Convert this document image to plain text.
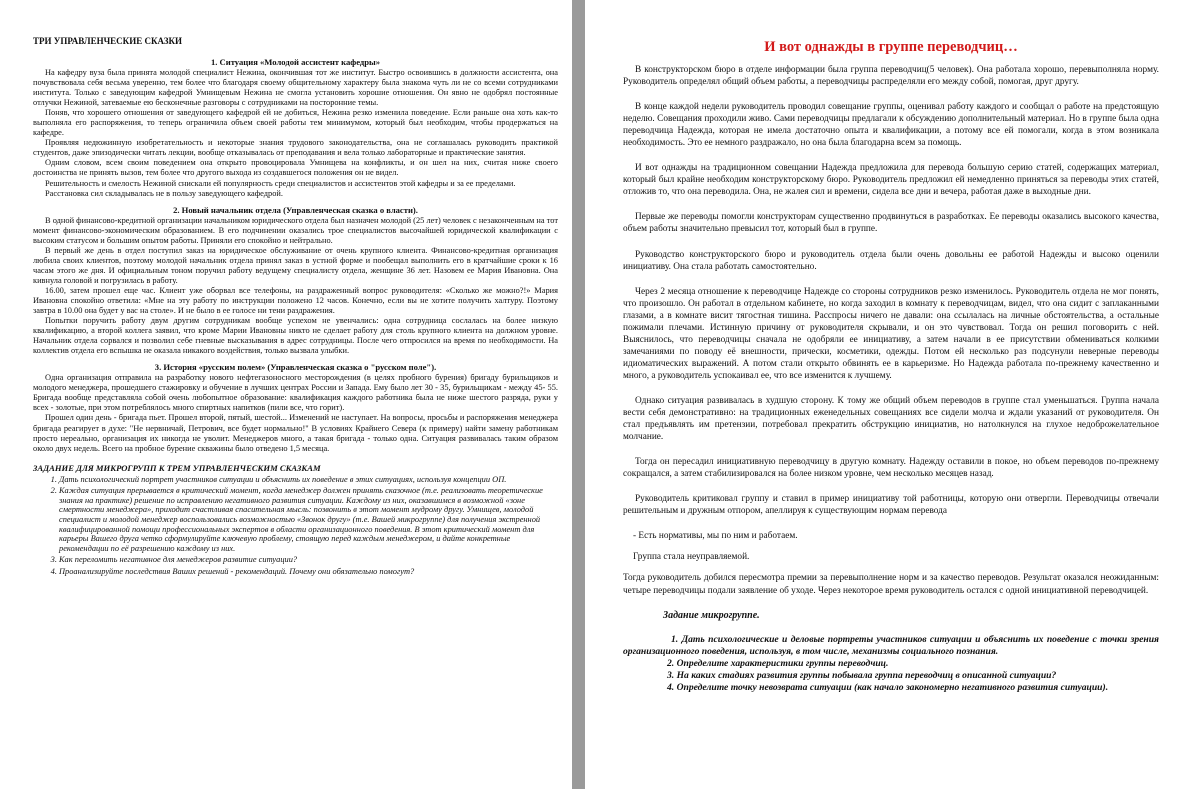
ТРИ УПРАВЛЕНЧЕСКИЕ СКАЗКИ
1. Ситуация «Молодой ассистент кафедры»

На кафедру вуза была принята молодой специалист Нежина, окончившая тот же институт. Быстро освоившись в должности ассистента, она почувствовала себя весьма уверенно, тем более что благодаря своему общительному характеру была знакома чуть ли не со всеми сотрудниками института. Только с заведующим кафедрой Умнищевым Нежина не смогла установить хорошие отношения. Он явно не одобрял постоянные отлучки Нежиной, затеваемые ею бесконечные разговоры с сотрудниками на посторонние темы.

Поняв, что хорошего отношения от заведующего кафедрой ей не добиться, Нежина резко изменила поведение. Если раньше она хоть как-то выполняла его распоряжения, то теперь ограничила объем своей работы тем минимумом, который был необходим, чтобы продержаться на кафедре.

Проявляя недюжинную изобретательность и некоторые знания трудового законодательства, она не соглашалась руководить практикой студентов, даже эпизодически читать лекции, вообще отказывалась от преподавания и вела только лабораторные и практические занятия.

Одним словом, всем своим поведением она открыто провоцировала Умнищева на конфликты, и он шел на них, считая ниже своего достоинства не принять вызов, тем более что другого выхода из создавшегося положения он не видел.

Решительность и смелость Нежиной снискали ей популярность среди специалистов и ассистентов этой кафедры и за ее пределами.

Расстановка сил складывалась не в пользу заведующего кафедрой.

2. Новый начальник отдела (Управленческая сказка о власти).

В одной финансово-кредитной организации начальником юридического отдела был назначен молодой (25 лет) человек с незаконченным на тот момент финансово-экономическим образованием. В его подчинении оказались трое специалистов высочайшей юридической квалификации с высоким статусом и большим опытом работы. Приняли его спокойно и нейтрально.

В первый же день в отдел поступил заказ на юридическое обслуживание от очень крупного клиента. Финансово-кредитная организация любила своих клиентов, поэтому молодой начальник отдела принял заказ в устной форме и пообещал выполнить его в кратчайшие сроки к 16 часам этого же дня. И официальным тоном поручил работу ведущему специалисту отдела, женщине 36 лет. Назовем ее Мария Ивановна. Она кивнула головой и погрузилась в работу.

16.00, затем прошел еще час. Клиент уже оборвал все телефоны, на раздраженный вопрос руководителя: «Сколько же можно?!» Мария Ивановна спокойно ответила: «Мне на эту работу по инструкции положено 12 часов. Конечно, если вы не хотите получить халтуру. Поэтому завтра в 10.00 она будет у вас на столе». И не было в ее голосе ни тени раздражения.

Попытки поручить работу двум другим сотрудникам вообще успехом не увенчались: одна сотрудница сослалась на более низкую квалификацию, а второй коллега заявил, что кроме Марии Ивановны никто не сделает работу для столь крупного клиента на должном уровне. Начальник отдела сорвался и позволил себе гневные высказывания в адрес сотрудницы. После чего отпросился на время по необходимости. На коллектив отдела его вспышка не оказала никакого воздействия, только вызвала улыбки.

3. История «русским полем» (Управленческая сказка о "русском поле").

Одна организация отправила на разработку нового нефтегазоносного месторождения (в целях пробного бурения) бригаду бурильщиков и молодого менеджера, прошедшего стажировку и обучение в лучших центрах России и Запада. Ему было лет 30 - 35, бурильщикам - между 45- 55. Бригада вообще представляла собой очень любопытное образование: квалификация каждого работника была не ниже шестого разряда, руки у всех - золотые, при этом потреблялось много спиртных напитков (пили все, что горит).

Прошел один день - бригада пьет. Прошел второй, пятый, шестой... Изменений не наступает. На вопросы, просьбы и распоряжения менеджера бригада реагирует в духе: "Не нервничай, Петрович, все будет нормально!" В условиях Крайнего Севера (к примеру) найти замену работникам просто нереально, организация их никогда не уволит. Менеджеров много, а такая бригада - только одна. Ситуация развивалась таким образом около двух недель. Всего на пробное бурение скважины было отведено 1,5 месяца.

ЗАДАНИЕ ДЛЯ МИКРОГРУПП К ТРЕМ УПРАВЛЕНЧЕСКИМ СКАЗКАМ
1. Дать психологический портрет участников ситуации и объяснить их поведение в этих ситуациях, используя концепции ОП.
2. Каждая ситуация прерывается в критический момент, когда менеджер должен принять сказочное (т.е. реализовать теоретические знания на практике) решение по исправлению негативного развития ситуации. Каждому из них, оказавшимся в возможной «зоне смертности менеджера», приходит счастливая спасительная мысль: позвонить в этот момент мудрому другу. Умнищев, молодой специалист и молодой менеджер воспользовались возможностью «Звонок другу» (т.е. Вашей микрогруппе) для получения экстренной квалифицированной помощи профессиональных экспертов в области организационного поведения. В этот критический момент для карьеры Вашего друга четко сформулируйте ключевую проблему, стоящую перед каждым менеджером, и дайте конкретные рекомендации по её разрешению каждому из них.
3. Как переломить негативное для менеджеров развитие ситуации?
4. Проанализируйте последствия Ваших решений - рекомендаций. Почему они обязательно помогут?
И вот однажды в группе переводчиц…

В конструкторском бюро в отделе информации была группа переводчиц(5 человек). Она работала хорошо, перевыполняла норму. Руководитель определял общий объем работы, а переводчицы распределяли его между собой, помогая, друг другу.

В конце каждой недели руководитель проводил совещание группы, оценивал работу каждого и сообщал о работе на предстоящую неделю. Совещания проходили живо. Сами переводчицы предлагали к обсуждению дополнительный материал. Но в группе была одна переводчица Надежда, которая не имела достаточно опыта и квалификации, а потому все ей помогали, когда в этом возникала необходимость. Это ее немного раздражало, но она была благодарна всем за помощь.

И вот однажды на традиционном совещании Надежда предложила для перевода большую серию статей, содержащих материал, который был крайне необходим конструкторскому бюро. Руководитель предложил ей немедленно приняться за переводы этих статей, отложив то, что она переводила. Она, не жалея сил и времени, сидела все дни и вечера, работая даже в выходные дни.

Первые же переводы помогли конструкторам существенно продвинуться в разработках. Ее переводы оказались высокого качества, объем работы значительно превысил тот, который был в группе.

Руководство конструкторского бюро и руководитель отдела были очень довольны ее работой Надежды и высоко оценили инициативу. Она стала работать самостоятельно.

Через 2 месяца отношение к переводчице Надежде со стороны сотрудников резко изменилось. Руководитель отдела не мог понять, что произошло. Он работал в отдельном кабинете, но когда заходил в комнату к переводчицам, видел, что она сидит с заплаканными глазами, а в комнате висит тягостная тишина. Расспросы ничего не давали: она ссылалась на личные обстоятельства, а остальные пожимали плечами. Истинную причину от руководителя скрывали, и он это чувствовал. Тогда он решил поговорить с ней. Выяснилось, что переводчицы сначала не одобряли ее инициативу, а затем начали в ее присутствии обмениваться колкими замечаниями по поводу её внешности, прически, косметики, одежды. Потом ей несколько раз подсунули неверные переводы идиоматических выражений. А потом стали открыто обвинять ее в карьеризме. Но Надежда работала по-прежнему качественно и много, а руководитель успокаивал ее, что все изменится к лучшему.

Однако ситуация развивалась в худшую сторону. К тому же общий объем переводов в группе стал уменьшаться. Группа начала вести себя демонстративно: на традиционных еженедельных совещаниях все сидели молча и ждали указаний от руководителя. Он стал предъявлять им претензии, потребовал прекратить обструкцию инициатив, но натолкнулся на глухое недоброжелательное молчание.

Тогда он пересадил инициативную переводчицу в другую комнату. Надежду оставили в покое, но объем переводов по-прежнему сокращался, а затем стабилизировался на более низком уровне, чем несколько месяцев назад.

Руководитель критиковал группу и ставил в пример инициативу той работницы, которую они отвергли. Переводчицы отвечали решительным и дружным отпором, апеллируя к существующим нормам перевода

- Есть нормативы, мы по ним и работаем.

Группа стала неуправляемой.

Тогда руководитель добился пересмотра премии за перевыполнение норм и за качество переводов. Результат оказался неожиданным: четыре переводчицы подали заявление об уходе. Через некоторое время руководитель остался с одной инициативной переводчицей.

Задание микрогруппе.

1. Дать психологические и деловые портреты участников ситуации и объяснить их поведение с точки зрения организационного поведения, используя, в том числе, механизмы социального познания.

2. Определите характеристики группы переводчиц.

3. На каких стадиях развития группы побывала группа переводчиц в описанной ситуации?

4. Определите точку невозврата ситуации (как начало закономерно негативного развития ситуации).
